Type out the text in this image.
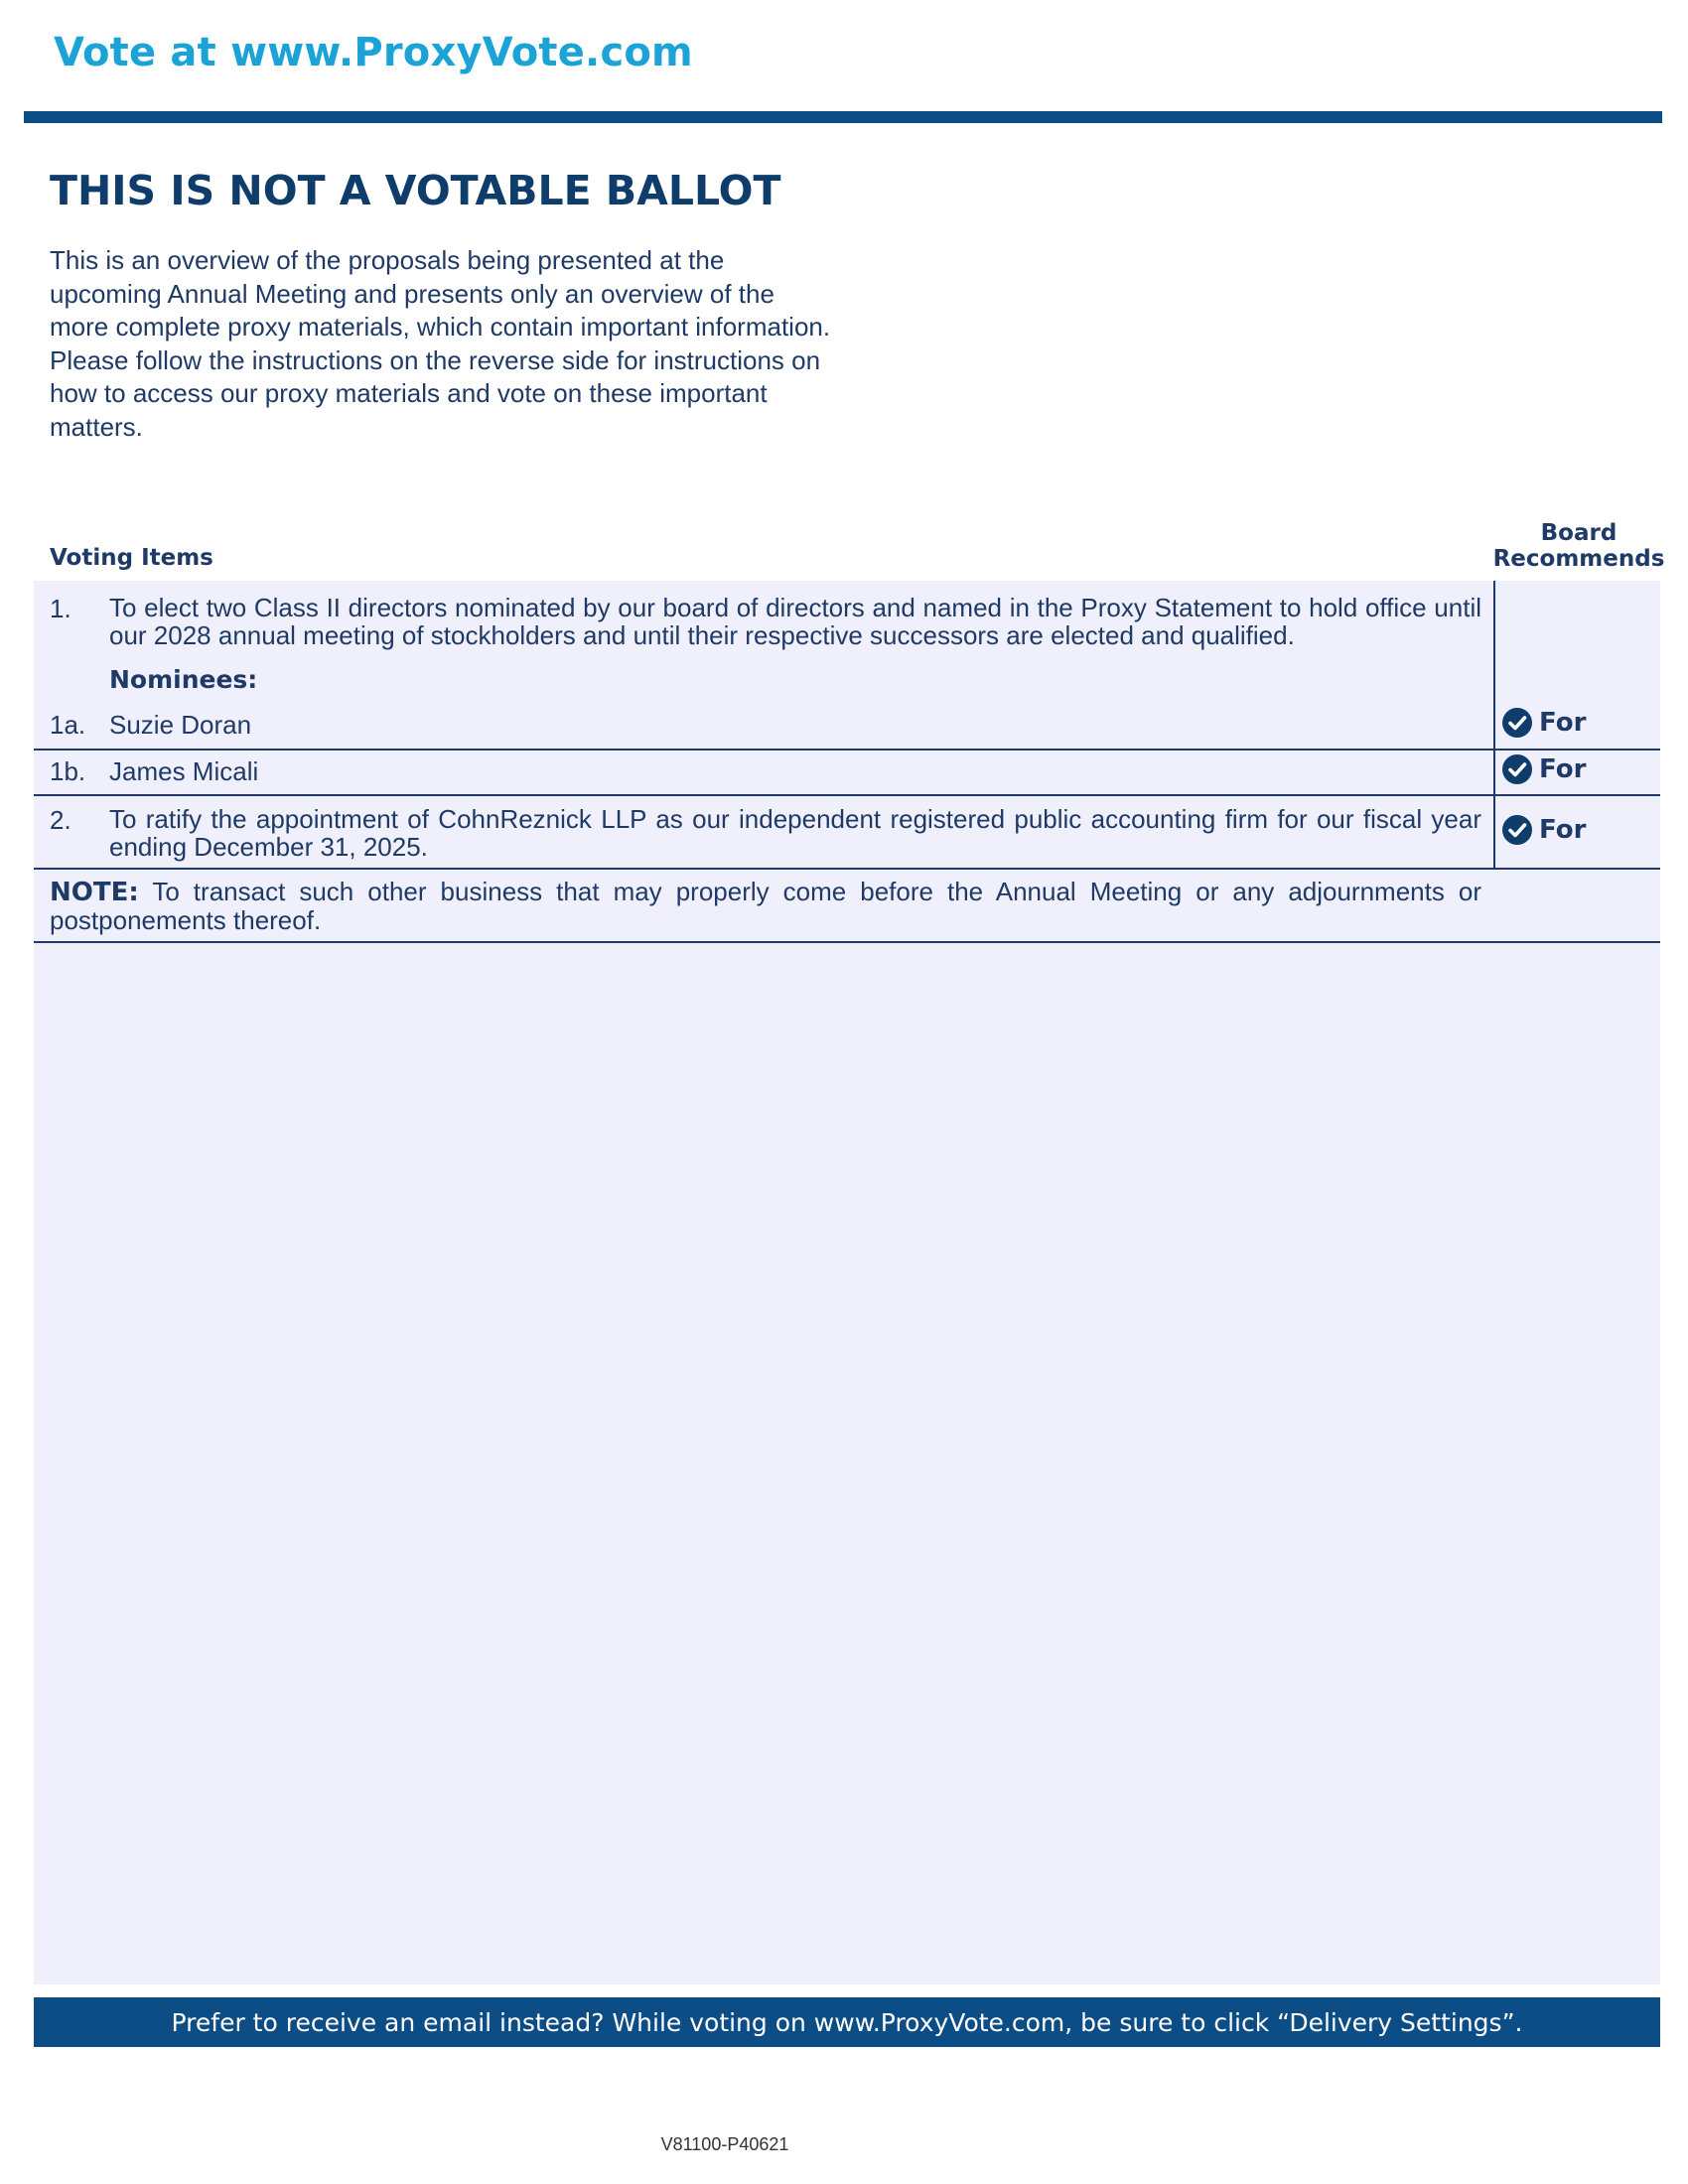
Vote at www.ProxyVote.com
THIS IS NOT A VOTABLE BALLOT
This is an overview of the proposals being presented at the upcoming Annual Meeting and presents only an overview of the more complete proxy materials, which contain important information. Please follow the instructions on the reverse side for instructions on how to access our proxy materials and vote on these important matters.
Voting Items
Board
Recommends
1. To elect two Class II directors nominated by our board of directors and named in the Proxy Statement to hold office until our 2028 annual meeting of stockholders and until their respective successors are elected and qualified.
Nominees:
1a. Suzie Doran	For
1b. James Micali	For
2. To ratify the appointment of CohnReznick LLP as our independent registered public accounting firm for our fiscal year ending December 31, 2025.
For
NOTE: To transact such other business that may properly come before the Annual Meeting or any adjournments or postponements thereof.
Prefer to receive an email instead? While voting on www.ProxyVote.com, be sure to click “Delivery Settings”.
V81100-P40621
